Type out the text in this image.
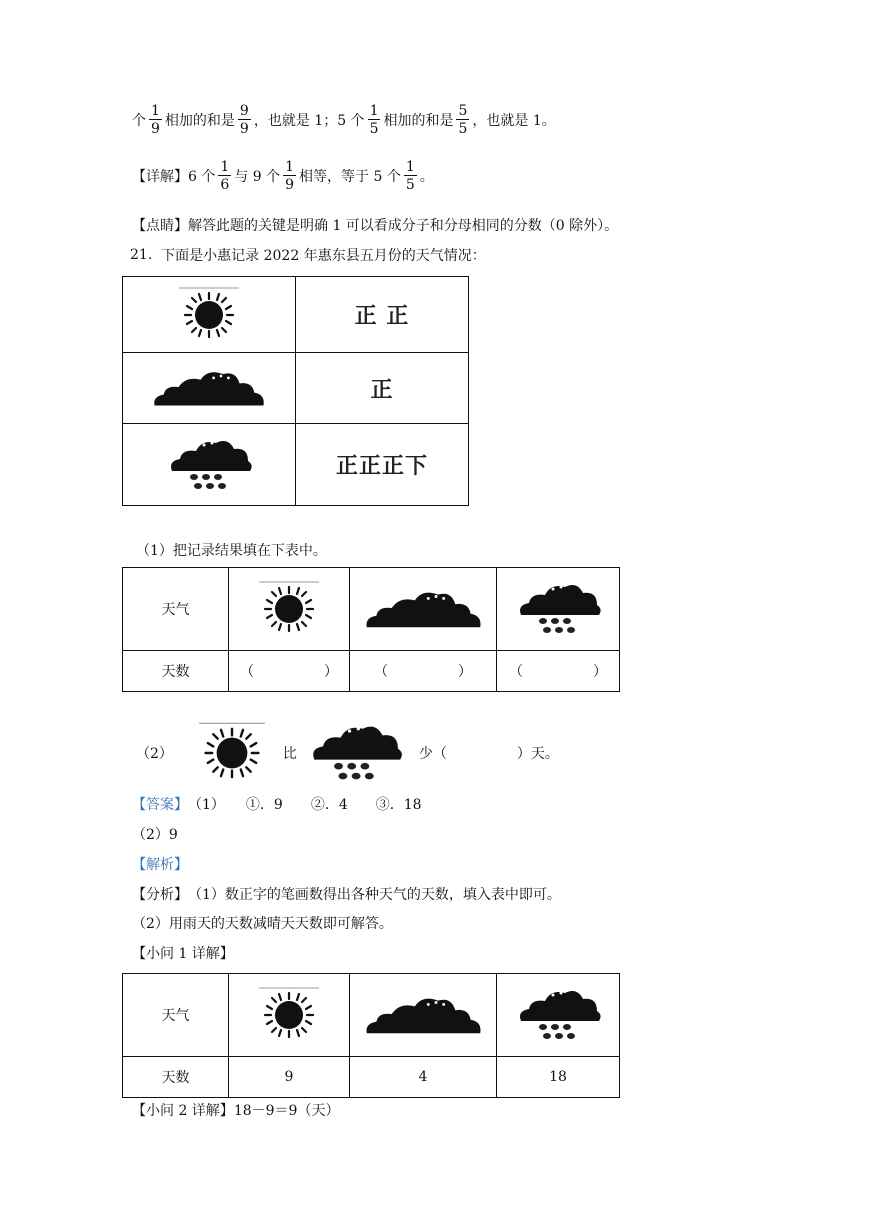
个 $\frac{1}{9}$ 相加的和是 $\frac{9}{9}$ ，也就是 1；5 个 $\frac{1}{5}$ 相加的和是 $\frac{5}{5}$ ，也就是 1。
【详解】 6 个 $\frac{1}{6}$ 与 9 个 $\frac{1}{9}$ 相等，等于 5 个 $\frac{1}{5}$ 。
【点睛】 解答此题的关键是明确 1 可以看成分子和分母相同的分数（0 除外）。
21.
下面是小惠记录 2022 年惠东县五月份的天气情况：
	正 正

	正

	正正正下
（1）把记录结果填在下表中。
天气	

天数	（　　　　　）	（　　　　　）	（　　　　　）
（2）	比	少（　　　　　）天。
【答案】 （1）　　①．9　　②．4　　③．18
（2）9
【解析】
【分析】 （1）数正字的笔画数得出各种天气的天数，填入表中即可。
（2）用雨天的天数减晴天天数即可解答。
【小问 1 详解】
天气	

天数	9	4	18
【小问 2 详解】 18－9＝9（天）
